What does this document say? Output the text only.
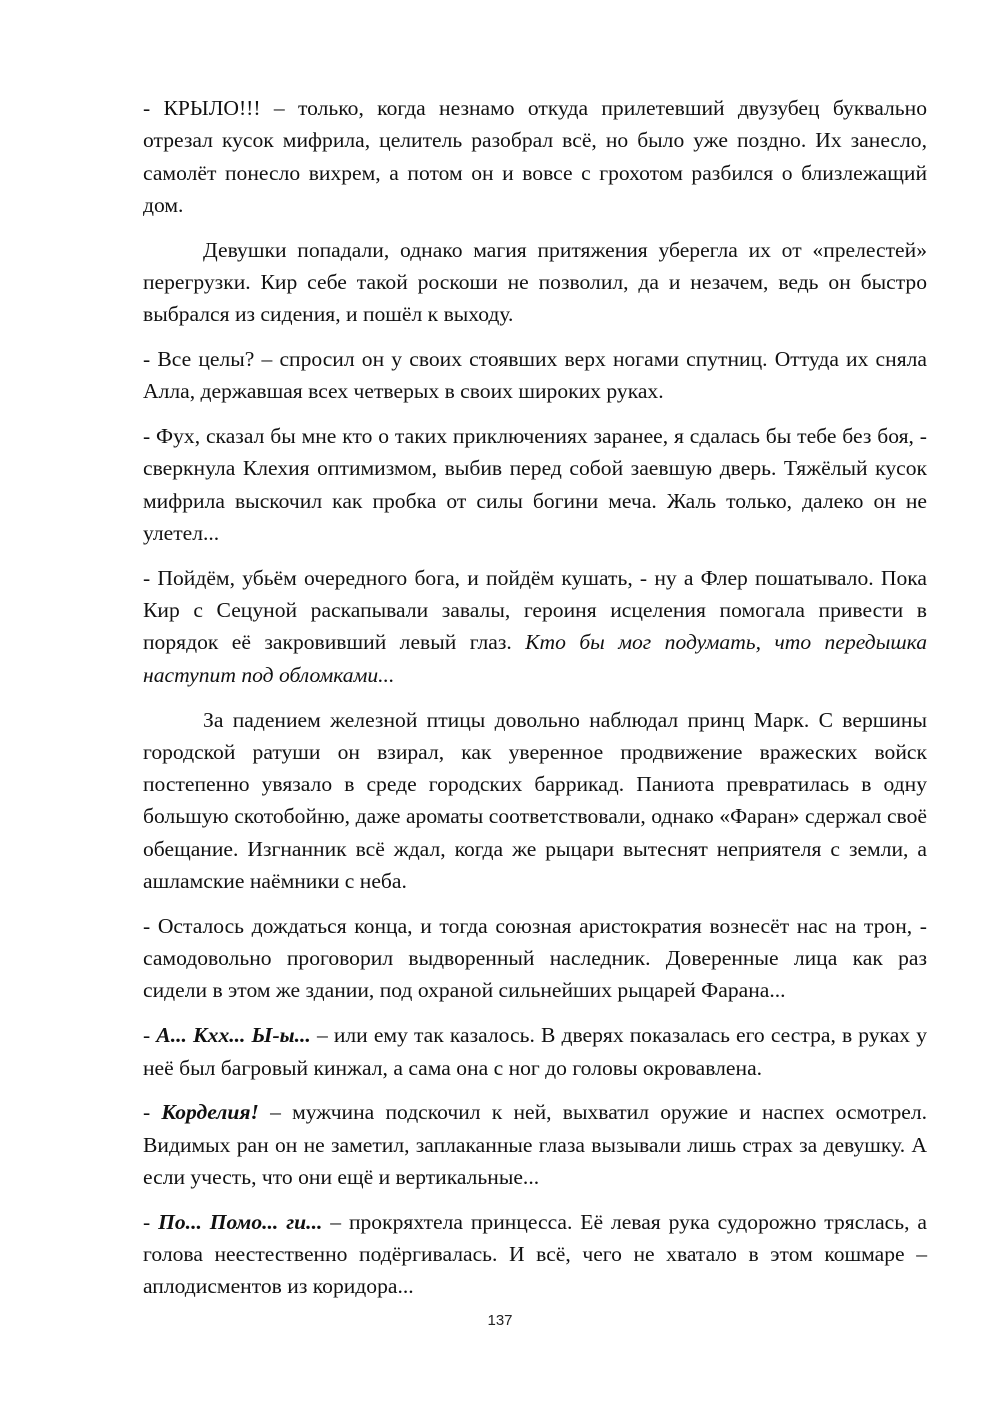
- КРЫЛО!!! – только, когда незнамо откуда прилетевший двузубец буквально отрезал кусок мифрила, целитель разобрал всё, но было уже поздно. Их занесло, самолёт понесло вихрем, а потом он и вовсе с грохотом разбился о близлежащий дом.

Девушки попадали, однако магия притяжения уберегла их от «прелестей» перегрузки. Кир себе такой роскоши не позволил, да и незачем, ведь он быстро выбрался из сидения, и пошёл к выходу.

- Все целы? – спросил он у своих стоявших верх ногами спутниц. Оттуда их сняла Алла, державшая всех четверых в своих широких руках.

- Фух, сказал бы мне кто о таких приключениях заранее, я сдалась бы тебе без боя, - сверкнула Клехия оптимизмом, выбив перед собой заевшую дверь. Тяжёлый кусок мифрила выскочил как пробка от силы богини меча. Жаль только, далеко он не улетел...

- Пойдём, убьём очередного бога, и пойдём кушать, - ну а Флер пошатывало. Пока Кир с Сецуной раскапывали завалы, героиня исцеления помогала привести в порядок её закровивший левый глаз. Кто бы мог подумать, что передышка наступит под обломками...

За падением железной птицы довольно наблюдал принц Марк. С вершины городской ратуши он взирал, как уверенное продвижение вражеских войск постепенно увязало в среде городских баррикад. Паниота превратилась в одну большую скотобойню, даже ароматы соответствовали, однако «Фаран» сдержал своё обещание. Изгнанник всё ждал, когда же рыцари вытеснят неприятеля с земли, а ашламские наёмники с неба.

- Осталось дождаться конца, и тогда союзная аристократия вознесёт нас на трон, - самодовольно проговорил выдворенный наследник. Доверенные лица как раз сидели в этом же здании, под охраной сильнейших рыцарей Фарана...

- А... Кхх... Ы-ы... – или ему так казалось. В дверях показалась его сестра, в руках у неё был багровый кинжал, а сама она с ног до головы окровавлена.

- Корделия! – мужчина подскочил к ней, выхватил оружие и наспех осмотрел. Видимых ран он не заметил, заплаканные глаза вызывали лишь страх за девушку. А если учесть, что они ещё и вертикальные...

- По... Помо... ги... – прокряхтела принцесса. Её левая рука судорожно тряслась, а голова неестественно подёргивалась. И всё, чего не хватало в этом кошмаре – аплодисментов из коридора...

137
